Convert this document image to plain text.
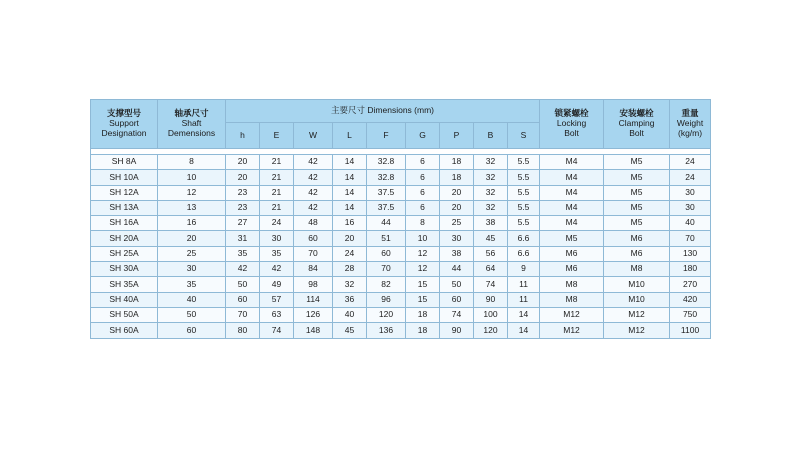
支撑型号
Support
Designation	轴承尺寸
Shaft
Demensions	主要尺寸 Dimensions (mm)									锁紧螺栓
Locking
Bolt	安装螺栓
Clamping
Bolt	重量
Weight
(kg/m)

		h	E	W	L	F	G	P	B	S			

SH 8A	8	20	21	42	14	32.8	6	18	32	5.5	M4	M5	24
SH 10A	10	20	21	42	14	32.8	6	18	32	5.5	M4	M5	24
SH 12A	12	23	21	42	14	37.5	6	20	32	5.5	M4	M5	30
SH 13A	13	23	21	42	14	37.5	6	20	32	5.5	M4	M5	30
SH 16A	16	27	24	48	16	44	8	25	38	5.5	M4	M5	40
SH 20A	20	31	30	60	20	51	10	30	45	6.6	M5	M6	70
SH 25A	25	35	35	70	24	60	12	38	56	6.6	M6	M6	130
SH 30A	30	42	42	84	28	70	12	44	64	9	M6	M8	180
SH 35A	35	50	49	98	32	82	15	50	74	11	M8	M10	270
SH 40A	40	60	57	114	36	96	15	60	90	11	M8	M10	420
SH 50A	50	70	63	126	40	120	18	74	100	14	M12	M12	750
SH 60A	60	80	74	148	45	136	18	90	120	14	M12	M12	1100
